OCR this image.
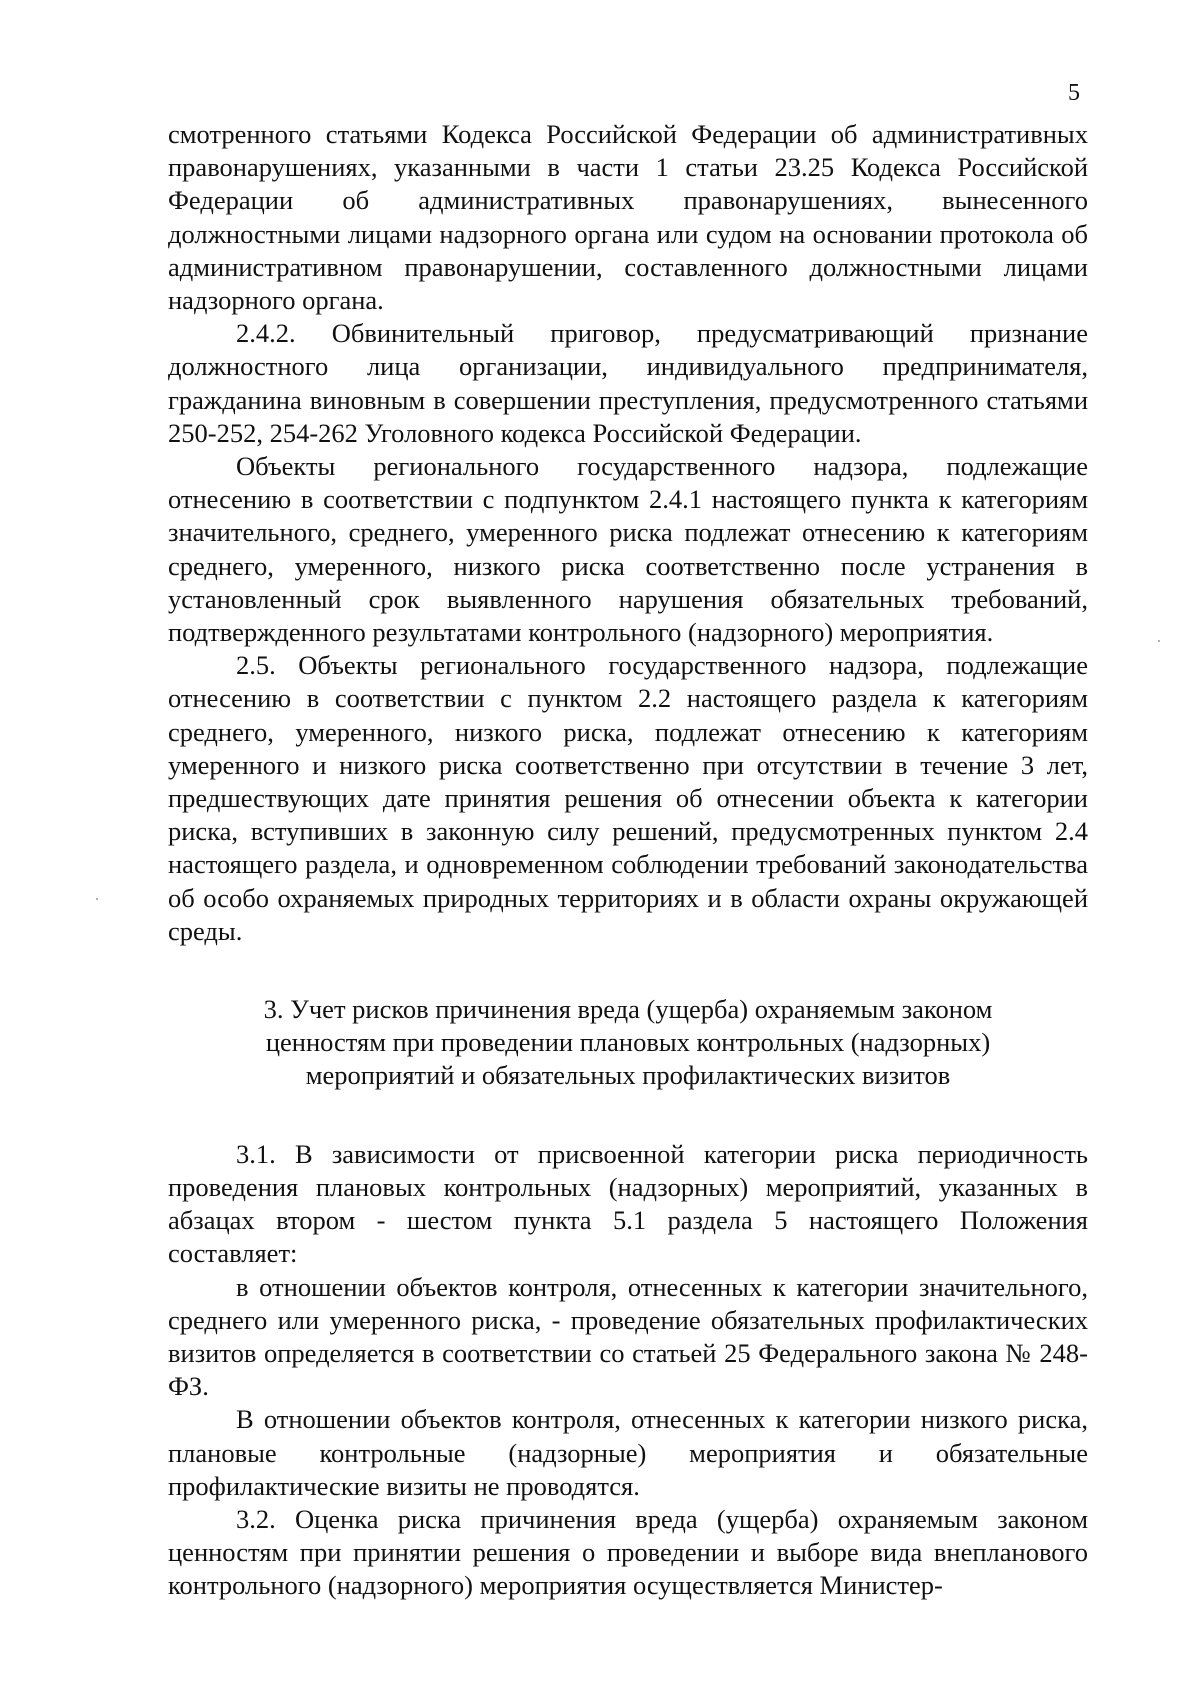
5

смотренного статьями Кодекса Российской Федерации об административных правонарушениях, указанными в части 1 статьи 23.25 Кодекса Российской Федерации об административных правонарушениях, вынесенного должностными лицами надзорного органа или судом на основании протокола об административном правонарушении, составленного должностными лицами надзорного органа.

2.4.2. Обвинительный приговор, предусматривающий признание должностного лица организации, индивидуального предпринимателя, гражданина виновным в совершении преступления, предусмотренного статьями 250-252, 254-262 Уголовного кодекса Российской Федерации.

Объекты регионального государственного надзора, подлежащие отнесению в соответствии с подпунктом 2.4.1 настоящего пункта к категориям значительного, среднего, умеренного риска подлежат отнесению к категориям среднего, умеренного, низкого риска соответственно после устранения в установленный срок выявленного нарушения обязательных требований, подтвержденного результатами контрольного (надзорного) мероприятия.

2.5. Объекты регионального государственного надзора, подлежащие отнесению в соответствии с пунктом 2.2 настоящего раздела к категориям среднего, умеренного, низкого риска, подлежат отнесению к категориям умеренного и низкого риска соответственно при отсутствии в течение 3 лет, предшествующих дате принятия решения об отнесении объекта к категории риска, вступивших в законную силу решений, предусмотренных пунктом 2.4 настоящего раздела, и одновременном соблюдении требований законодательства об особо охраняемых природных территориях и в области охраны окружающей среды.

3. Учет рисков причинения вреда (ущерба) охраняемым законом
ценностям при проведении плановых контрольных (надзорных)
мероприятий и обязательных профилактических визитов

3.1. В зависимости от присвоенной категории риска периодичность проведения плановых контрольных (надзорных) мероприятий, указанных в абзацах втором - шестом пункта 5.1 раздела 5 настоящего Положения составляет:

в отношении объектов контроля, отнесенных к категории значительного, среднего или умеренного риска, - проведение обязательных профилактических визитов определяется в соответствии со статьей 25 Федерального закона № 248-ФЗ.

В отношении объектов контроля, отнесенных к категории низкого риска, плановые контрольные (надзорные) мероприятия и обязательные профилактические визиты не проводятся.

3.2. Оценка риска причинения вреда (ущерба) охраняемым законом ценностям при принятии решения о проведении и выборе вида внепланового контрольного (надзорного) мероприятия осуществляется Министер-
